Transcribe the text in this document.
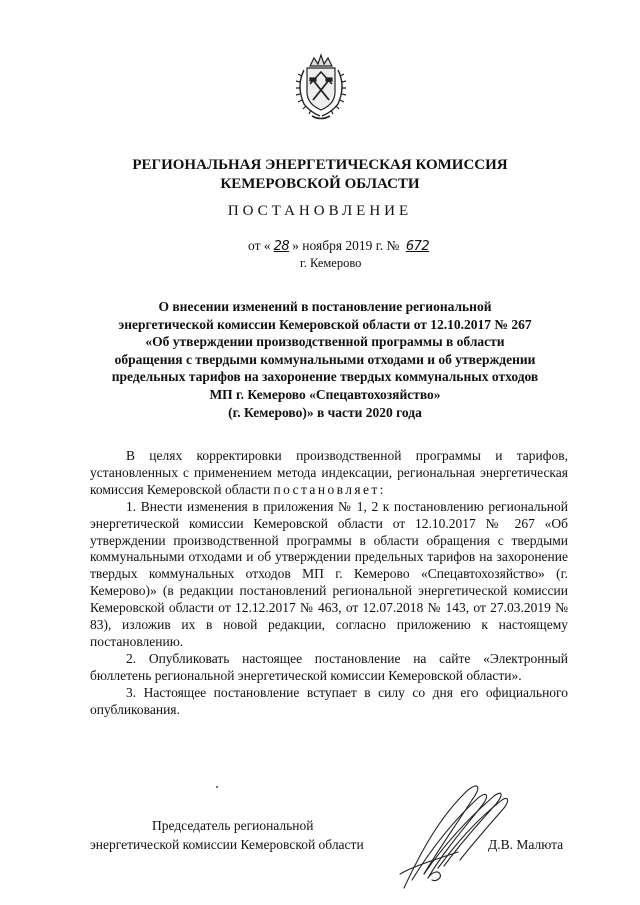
РЕГИОНАЛЬНАЯ ЭНЕРГЕТИЧЕСКАЯ КОМИССИЯ
КЕМЕРОВСКОЙ ОБЛАСТИ
ПОСТАНОВЛЕНИЕ
от « 28 » ноября 2019 г. № 672
г. Кемерово
О внесении изменений в постановление региональной
энергетической комиссии Кемеровской области от 12.10.2017 № 267
«Об утверждении производственной программы в области
обращения с твердыми коммунальными отходами и об утверждении
предельных тарифов на захоронение твердых коммунальных отходов
МП г. Кемерово «Спецавтохозяйство»
(г. Кемерово)» в части 2020 года

В целях корректировки производственной программы и тарифов, установленных с применением метода индексации, региональная энергетическая комиссия Кемеровской области постановляет:

1. Внести изменения в приложения № 1, 2 к постановлению региональной энергетической комиссии Кемеровской области от 12.10.2017 № 267 «Об утверждении производственной программы в области обращения с твердыми коммунальными отходами и об утверждении предельных тарифов на захоронение твердых коммунальных отходов МП г. Кемерово «Спецавтохозяйство» (г. Кемерово)» (в редакции постановлений региональной энергетической комиссии Кемеровской области от 12.12.2017 № 463, от 12.07.2018 № 143, от 27.03.2019 № 83), изложив их в новой редакции, согласно приложению к настоящему постановлению.

2. Опубликовать настоящее постановление на сайте «Электронный бюллетень региональной энергетической комиссии Кемеровской области».

3. Настоящее постановление вступает в силу со дня его официального опубликования.

Председатель региональной
энергетической комиссии Кемеровской области	Д.В. Малюта
